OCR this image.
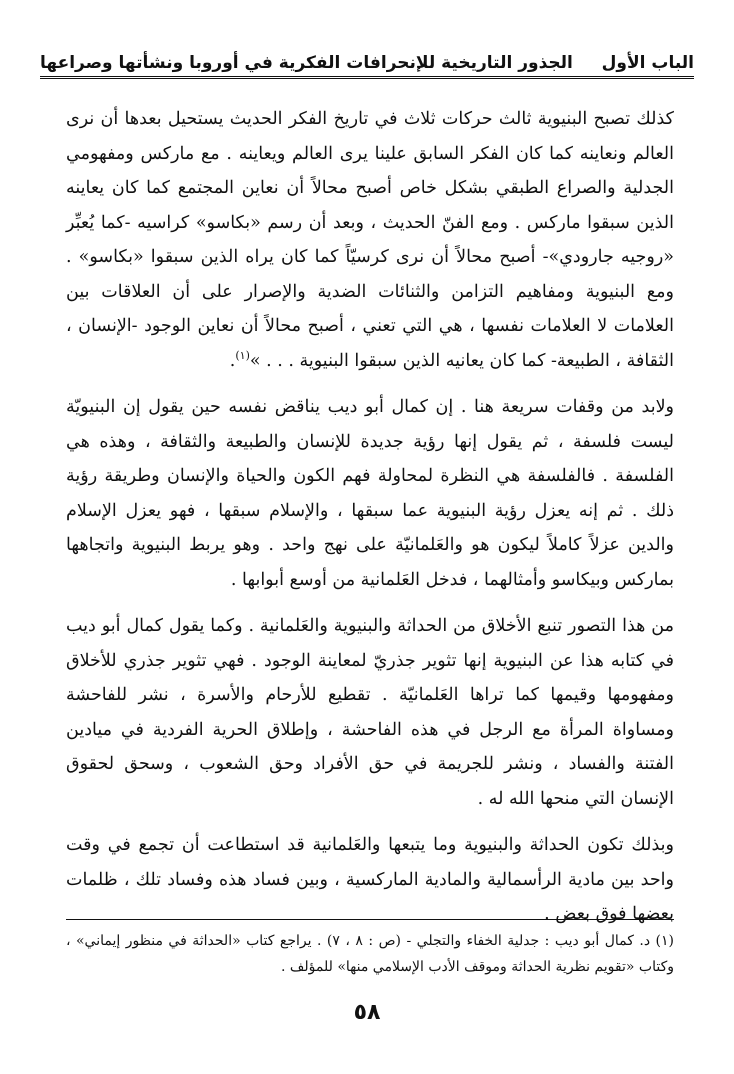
الباب الأول
الجذور التاريخية للإنحرافات الفكرية في أوروبا ونشأتها وصراعها

كذلك تصبح البنيوية ثالث حركات ثلاث في تاريخ الفكر الحديث يستحيل بعدها أن نرى العالم ونعاينه كما كان الفكر السابق علينا يرى العالم ويعاينه . مع ماركس ومفهومي الجدلية والصراع الطبقي بشكل خاص أصبح محالاً أن نعاين المجتمع كما كان يعاينه الذين سبقوا ماركس . ومع الفنّ الحديث ، وبعد أن رسم «بكاسو» كراسيه -كما يُعبِّر «روجيه جارودي»- أصبح محالاً أن نرى كرسيّاً كما كان يراه الذين سبقوا «بكاسو» . ومع البنيوية ومفاهيم التزامن والثنائات الضدية والإصرار على أن العلاقات بين العلامات لا العلامات نفسها ، هي التي تعني ، أصبح محالاً أن نعاين الوجود -الإنسان ، الثقافة ، الطبيعة- كما كان يعانيه الذين سبقوا البنيوية . . . »$^{(١)}$.

ولابد من وقفات سريعة هنا . إن كمال أبو ديب يناقض نفسه حين يقول إن البنيويّة ليست فلسفة ، ثم يقول إنها رؤية جديدة للإنسان والطبيعة والثقافة ، وهذه هي الفلسفة . فالفلسفة هي النظرة لمحاولة فهم الكون والحياة والإنسان وطريقة رؤية ذلك . ثم إنه يعزل رؤية البنيوية عما سبقها ، والإسلام سبقها ، فهو يعزل الإسلام والدين عزلاً كاملاً ليكون هو والعَلمانيّة على نهج واحد . وهو يربط البنيوية واتجاهها بماركس وبيكاسو وأمثالهما ، فدخل العَلمانية من أوسع أبوابها .

من هذا التصور تنبع الأخلاق من الحداثة والبنيوية والعَلمانية . وكما يقول كمال أبو ديب في كتابه هذا عن البنيوية إنها تثوير جذريّ لمعاينة الوجود . فهي تثوير جذري للأخلاق ومفهومها وقيمها كما تراها العَلمانيّة . تقطيع للأرحام والأسرة ، نشر للفاحشة ومساواة المرأة مع الرجل في هذه الفاحشة ، وإطلاق الحرية الفردية في ميادين الفتنة والفساد ، ونشر للجريمة في حق الأفراد وحق الشعوب ، وسحق لحقوق الإنسان التي منحها الله له .

وبذلك تكون الحداثة والبنيوية وما يتبعها والعَلمانية قد استطاعت أن تجمع في وقت واحد بين مادية الرأسمالية والمادية الماركسية ، وبين فساد هذه وفساد تلك ، ظلمات بعضها فوق بعض .

(١) د. كمال أبو ديب : جدلية الخفاء والتجلي - (ص : ٨ ، ٧) . يراجع كتاب «الحداثة في منظور إيماني» ، وكتاب «تقويم نظرية الحداثة وموقف الأدب الإسلامي منها» للمؤلف .

٥٨
